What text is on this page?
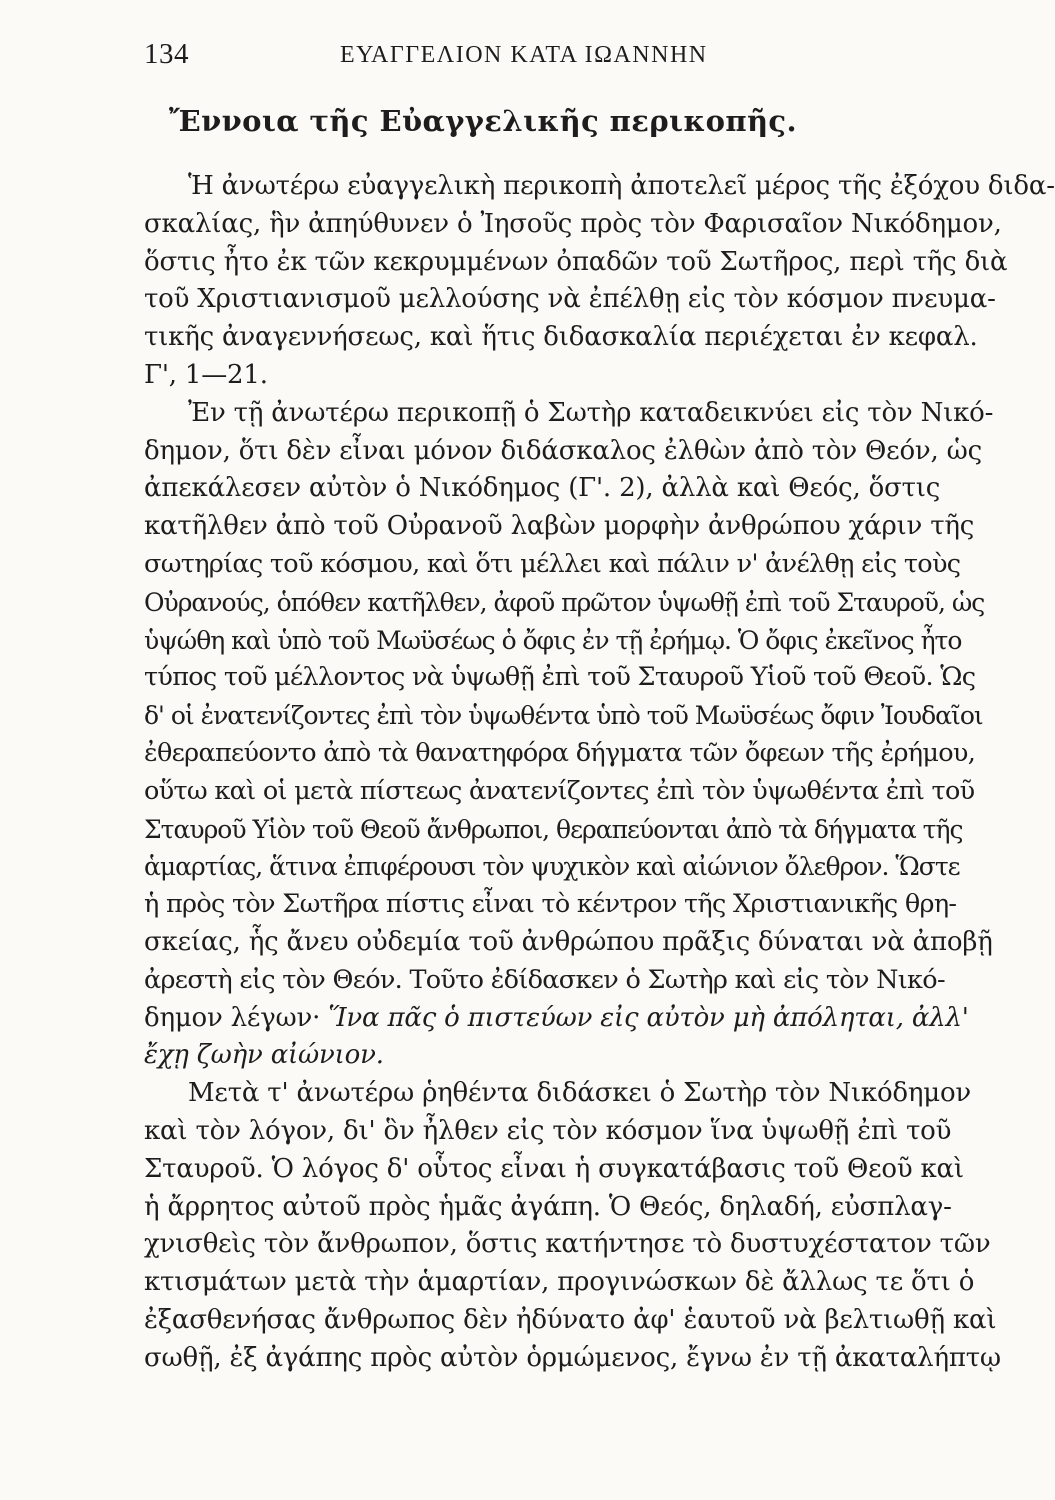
134	ΕΥΑΓΓΕΛΙΟΝ ΚΑΤΑ ΙΩΑΝΝΗΝ
Ἔννοια τῆς Εὐαγγελικῆς περικοπῆς.
Ἡ ἀνωτέρω εὐαγγελικὴ περικοπὴ ἀποτελεῖ μέρος τῆς ἐξόχου διδα-
σκαλίας, ἣν ἀπηύθυνεν ὁ Ἰησοῦς πρὸς τὸν Φαρισαῖον Νικόδημον,
ὅστις ἦτο ἐκ τῶν κεκρυμμένων ὀπαδῶν τοῦ Σωτῆρος, περὶ τῆς διὰ
τοῦ Χριστιανισμοῦ μελλούσης νὰ ἐπέλθῃ εἰς τὸν κόσμον πνευμα-
τικῆς ἀναγεννήσεως, καὶ ἥτις διδασκαλία περιέχεται ἐν κεφαλ.
Γ', 1—21.
Ἐν τῇ ἀνωτέρω περικοπῇ ὁ Σωτὴρ καταδεικνύει εἰς τὸν Νικό-
δημον, ὅτι δὲν εἶναι μόνον διδάσκαλος ἐλθὼν ἀπὸ τὸν Θεόν, ὡς
ἀπεκάλεσεν αὐτὸν ὁ Νικόδημος (Γ'. 2), ἀλλὰ καὶ Θεός, ὅστις
κατῆλθεν ἀπὸ τοῦ Οὐρανοῦ λαβὼν μορφὴν ἀνθρώπου χάριν τῆς
σωτηρίας τοῦ κόσμου, καὶ ὅτι μέλλει καὶ πάλιν ν' ἀνέλθῃ εἰς τοὺς
Οὐρανούς, ὁπόθεν κατῆλθεν, ἀφοῦ πρῶτον ὑψωθῇ ἐπὶ τοῦ Σταυροῦ, ὡς
ὑψώθη καὶ ὑπὸ τοῦ Μωϋσέως ὁ ὄφις ἐν τῇ ἐρήμῳ. Ὁ ὄφις ἐκεῖνος ἦτο
τύπος τοῦ μέλλοντος νὰ ὑψωθῇ ἐπὶ τοῦ Σταυροῦ Υἱοῦ τοῦ Θεοῦ. Ὡς
δ' οἱ ἐνατενίζοντες ἐπὶ τὸν ὑψωθέντα ὑπὸ τοῦ Μωϋσέως ὄφιν Ἰουδαῖοι
ἐθεραπεύοντο ἀπὸ τὰ θανατηφόρα δήγματα τῶν ὄφεων τῆς ἐρήμου,
οὕτω καὶ οἱ μετὰ πίστεως ἀνατενίζοντες ἐπὶ τὸν ὑψωθέντα ἐπὶ τοῦ
Σταυροῦ Υἱὸν τοῦ Θεοῦ ἄνθρωποι, θεραπεύονται ἀπὸ τὰ δήγματα τῆς
ἁμαρτίας, ἅτινα ἐπιφέρουσι τὸν ψυχικὸν καὶ αἰώνιον ὄλεθρον. Ὥστε
ἡ πρὸς τὸν Σωτῆρα πίστις εἶναι τὸ κέντρον τῆς Χριστιανικῆς θρη-
σκείας, ἧς ἄνευ οὐδεμία τοῦ ἀνθρώπου πρᾶξις δύναται νὰ ἀποβῇ
ἀρεστὴ εἰς τὸν Θεόν. Τοῦτο ἐδίδασκεν ὁ Σωτὴρ καὶ εἰς τὸν Νικό-
δημον λέγων· Ἵνα πᾶς ὁ πιστεύων εἰς αὐτὸν μὴ ἀπόληται, ἀλλ'
ἔχῃ ζωὴν αἰώνιον.
Μετὰ τ' ἀνωτέρω ῥηθέντα διδάσκει ὁ Σωτὴρ τὸν Νικόδημον
καὶ τὸν λόγον, δι' ὃν ἦλθεν εἰς τὸν κόσμον ἵνα ὑψωθῇ ἐπὶ τοῦ
Σταυροῦ. Ὁ λόγος δ' οὗτος εἶναι ἡ συγκατάβασις τοῦ Θεοῦ καὶ
ἡ ἄρρητος αὐτοῦ πρὸς ἡμᾶς ἀγάπη. Ὁ Θεός, δηλαδή, εὐσπλαγ-
χνισθεὶς τὸν ἄνθρωπον, ὅστις κατήντησε τὸ δυστυχέστατον τῶν
κτισμάτων μετὰ τὴν ἁμαρτίαν, προγινώσκων δὲ ἄλλως τε ὅτι ὁ
ἐξασθενήσας ἄνθρωπος δὲν ἠδύνατο ἀφ' ἑαυτοῦ νὰ βελτιωθῇ καὶ
σωθῇ, ἐξ ἀγάπης πρὸς αὐτὸν ὁρμώμενος, ἔγνω ἐν τῇ ἀκαταλήπτῳ
